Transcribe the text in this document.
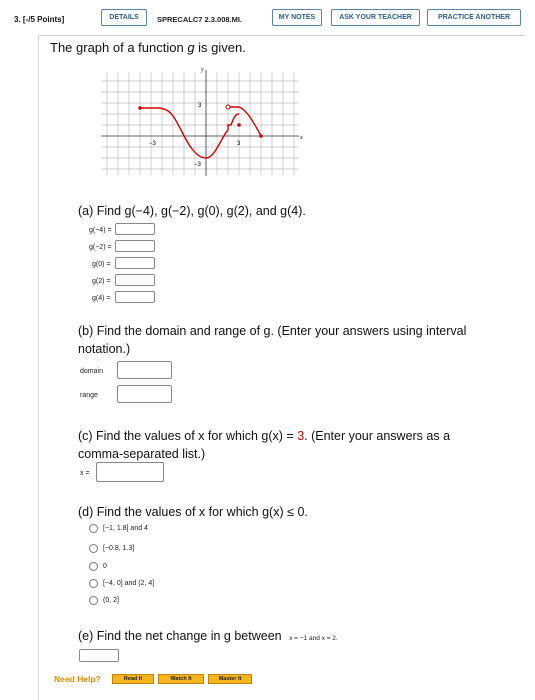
3. [-/5 Points]	DETAILS	SPRECALC7 2.3.008.MI.	MY NOTES	ASK YOUR TEACHER	PRACTICE ANOTHER
The graph of a function g is given.
y
x
3
−3
−3	3
(a) Find g(−4), g(−2), g(0), g(2), and g(4).
g(−4) =
g(−2) =
g(0) =
g(2) =
g(4) =
(b) Find the domain and range of g. (Enter your answers using interval
notation.)
domain
range
(c) Find the values of x for which g(x) = 3. (Enter your answers as a
comma-separated list.)
x =
(d) Find the values of x for which g(x) ≤ 0.
[−1, 1.8] and 4
[−0.8, 1.3]
0
[−4, 0] and (2, 4]
(0, 2]
(e) Find the net change in g between x = −1 and x = 2.
Need Help?	Read It	Watch It	Master It
